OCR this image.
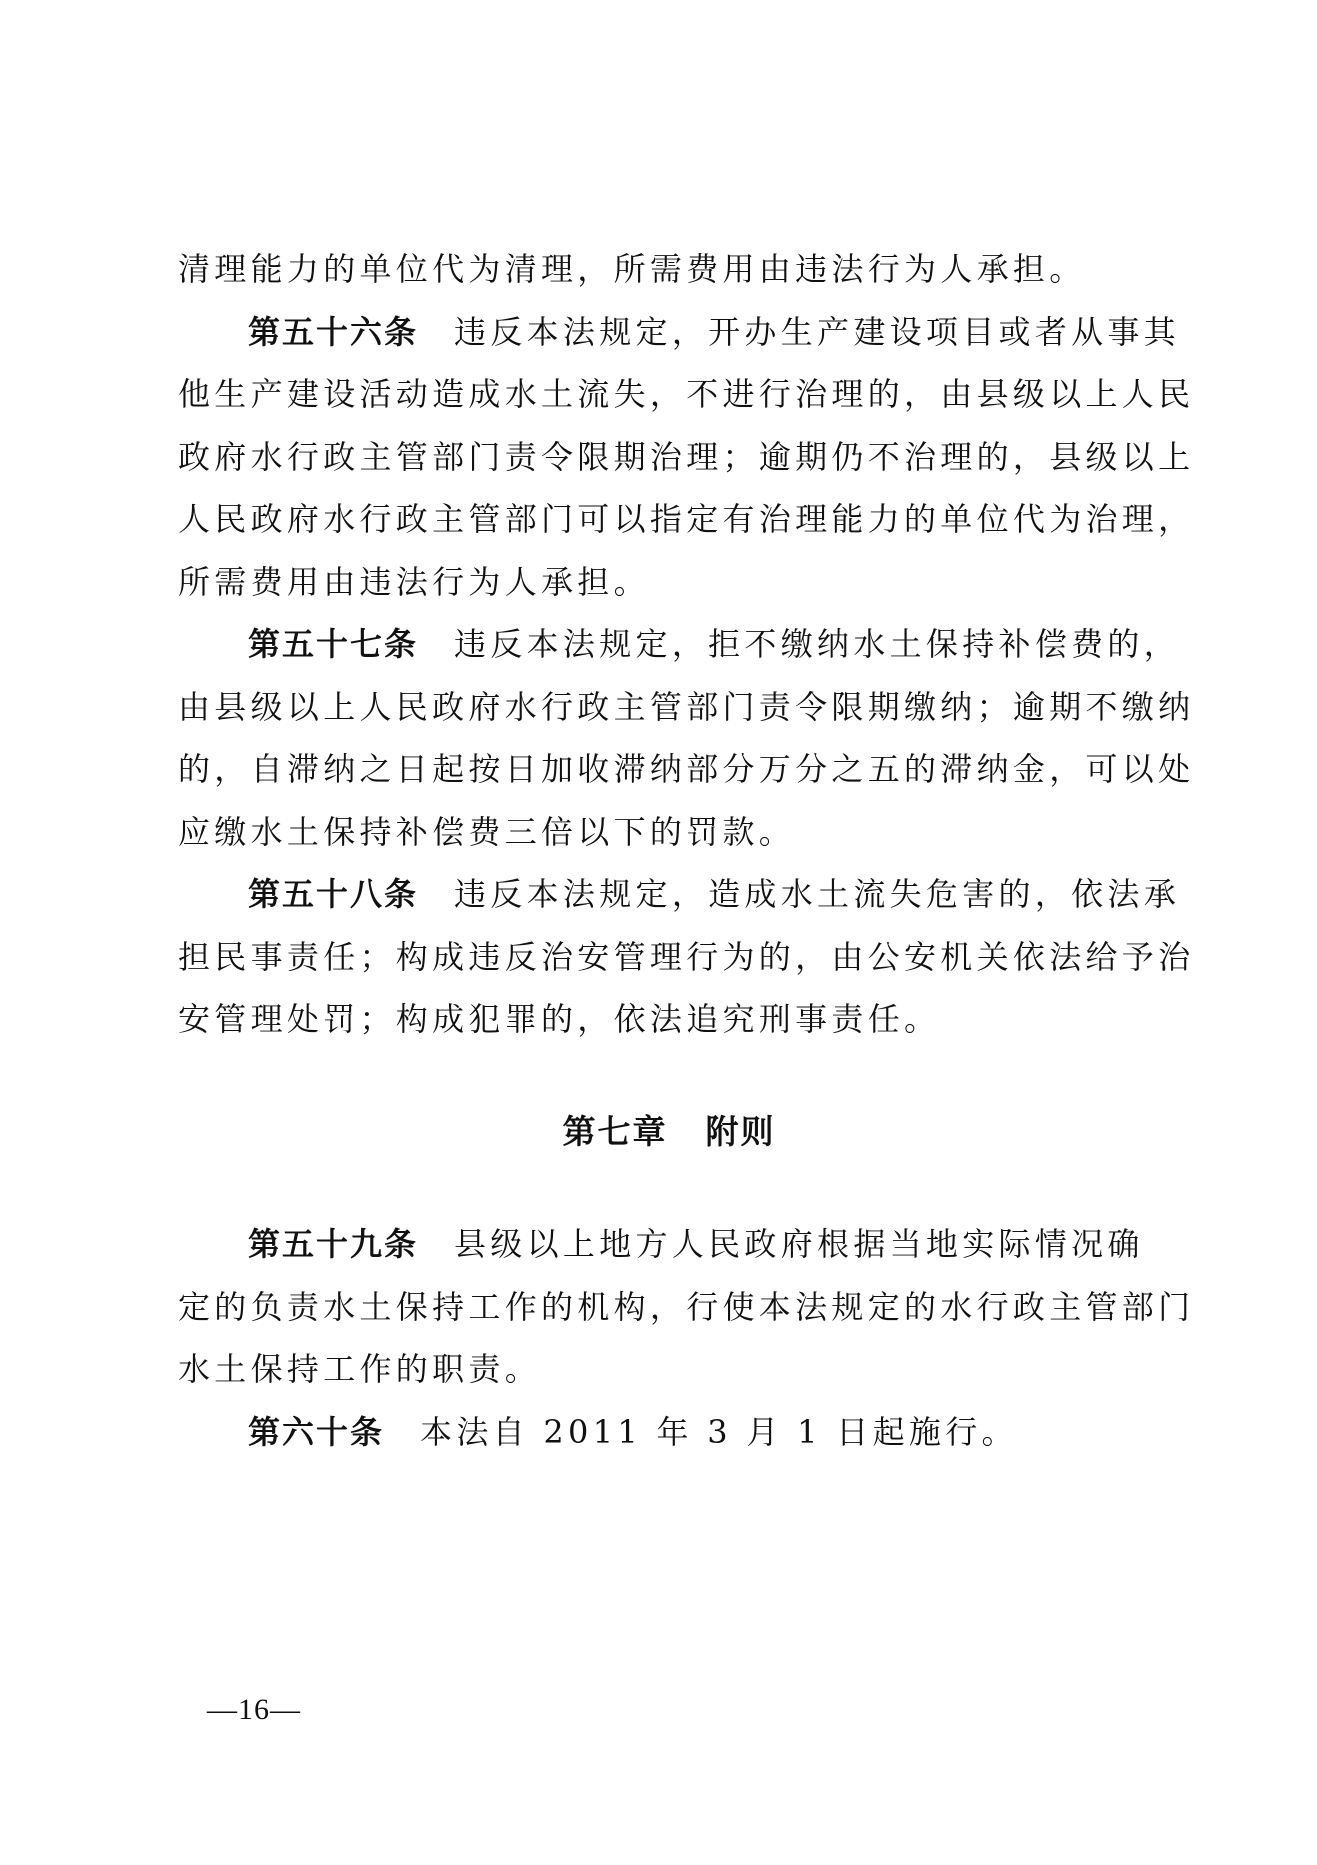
清理能力的单位代为清理，所需费用由违法行为人承担。
第五十六条 违反本法规定，开办生产建设项目或者从事其
他生产建设活动造成水土流失，不进行治理的，由县级以上人民
政府水行政主管部门责令限期治理；逾期仍不治理的，县级以上
人民政府水行政主管部门可以指定有治理能力的单位代为治理，
所需费用由违法行为人承担。
第五十七条 违反本法规定，拒不缴纳水土保持补偿费的，
由县级以上人民政府水行政主管部门责令限期缴纳；逾期不缴纳
的，自滞纳之日起按日加收滞纳部分万分之五的滞纳金，可以处
应缴水土保持补偿费三倍以下的罚款。
第五十八条 违反本法规定，造成水土流失危害的，依法承
担民事责任；构成违反治安管理行为的，由公安机关依法给予治
安管理处罚；构成犯罪的，依法追究刑事责任。
第七章 附则
第五十九条 县级以上地方人民政府根据当地实际情况确
定的负责水土保持工作的机构，行使本法规定的水行政主管部门
水土保持工作的职责。
第六十条 本法自 2011 年 3 月 1 日起施行。
—16—
